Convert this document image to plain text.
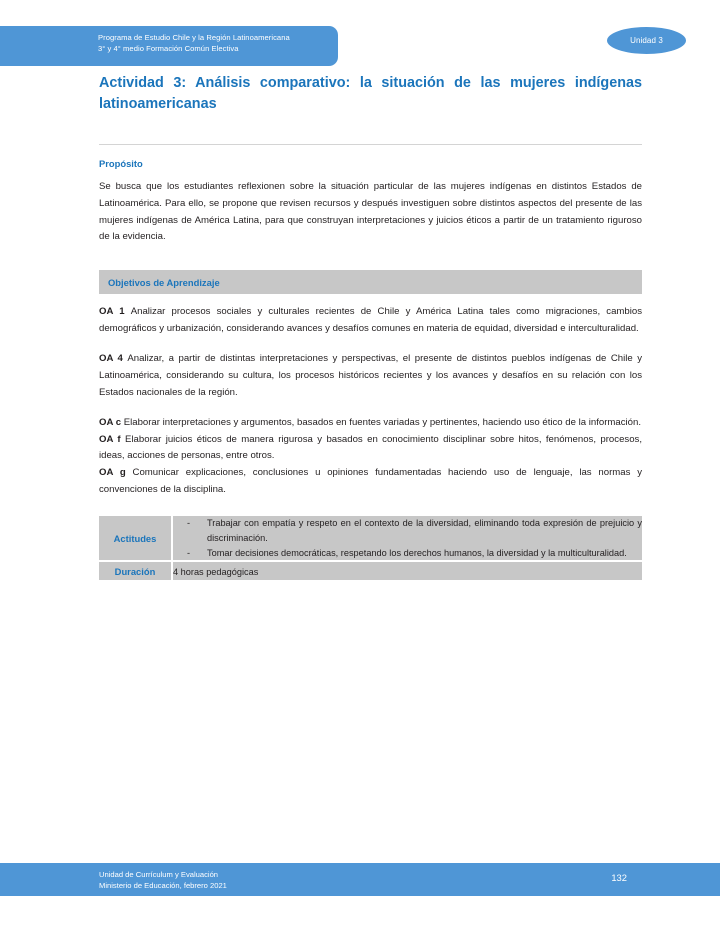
Programa de Estudio Chile y la Región Latinoamericana
3° y 4° medio Formación Común Electiva
Unidad 3
Actividad 3: Análisis comparativo: la situación de las mujeres indígenas latinoamericanas
Propósito

Se busca que los estudiantes reflexionen sobre la situación particular de las mujeres indígenas en distintos Estados de Latinoamérica. Para ello, se propone que revisen recursos y después investiguen sobre distintos aspectos del presente de las mujeres indígenas de América Latina, para que construyan interpretaciones y juicios éticos a partir de un tratamiento riguroso de la evidencia.

Objetivos de Aprendizaje

OA 1 Analizar procesos sociales y culturales recientes de Chile y América Latina tales como migraciones, cambios demográficos y urbanización, considerando avances y desafíos comunes en materia de equidad, diversidad e interculturalidad.

OA 4 Analizar, a partir de distintas interpretaciones y perspectivas, el presente de distintos pueblos indígenas de Chile y Latinoamérica, considerando su cultura, los procesos históricos recientes y los avances y desafíos en su relación con los Estados nacionales de la región.

OA c Elaborar interpretaciones y argumentos, basados en fuentes variadas y pertinentes, haciendo uso ético de la información.

OA f Elaborar juicios éticos de manera rigurosa y basados en conocimiento disciplinar sobre hitos, fenómenos, procesos, ideas, acciones de personas, entre otros.

OA g Comunicar explicaciones, conclusiones u opiniones fundamentadas haciendo uso de lenguaje, las normas y convenciones de la disciplina.

Actitudes	
- Trabajar con empatía y respeto en el contexto de la diversidad, eliminando toda expresión de prejuicio y discriminación.
- Tomar decisiones democráticas, respetando los derechos humanos, la diversidad y la multiculturalidad.

Duración	4 horas pedagógicas
Unidad de Currículum y Evaluación
Ministerio de Educación, febrero 2021
132
